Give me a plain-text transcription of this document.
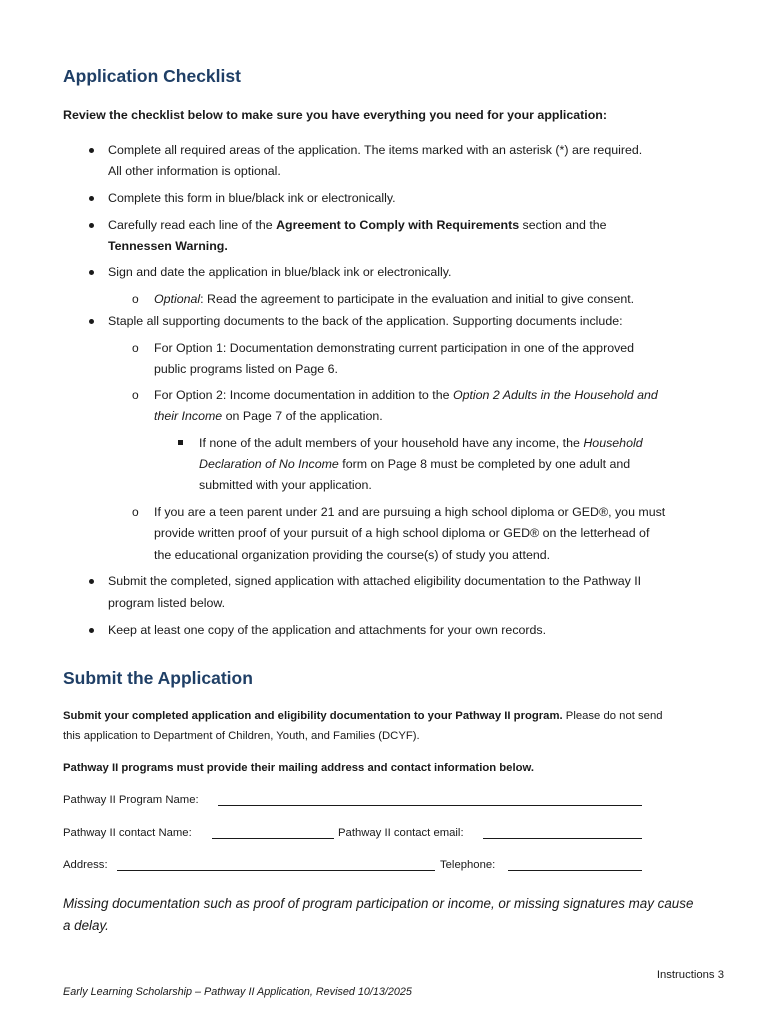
Application Checklist
Review the checklist below to make sure you have everything you need for your application:
Complete all required areas of the application. The items marked with an asterisk (*) are required.
All other information is optional.
Complete this form in blue/black ink or electronically.
Carefully read each line of the Agreement to Comply with Requirements section and the
Tennessen Warning.
Sign and date the application in blue/black ink or electronically.
o Optional: Read the agreement to participate in the evaluation and initial to give consent.
Staple all supporting documents to the back of the application. Supporting documents include:
o For Option 1: Documentation demonstrating current participation in one of the approved
public programs listed on Page 6.
o For Option 2: Income documentation in addition to the Option 2 Adults in the Household and
their Income on Page 7 of the application.
If none of the adult members of your household have any income, the Household
Declaration of No Income form on Page 8 must be completed by one adult and
submitted with your application.
o If you are a teen parent under 21 and are pursuing a high school diploma or GED®, you must
provide written proof of your pursuit of a high school diploma or GED® on the letterhead of
the educational organization providing the course(s) of study you attend.
Submit the completed, signed application with attached eligibility documentation to the Pathway II
program listed below.
Keep at least one copy of the application and attachments for your own records.
Submit the Application
Submit your completed application and eligibility documentation to your Pathway II program. Please do not send
this application to Department of Children, Youth, and Families (DCYF).
Pathway II programs must provide their mailing address and contact information below.
Pathway II Program Name:
Pathway II contact Name:	Pathway II contact email:
Address:	Telephone:
Missing documentation such as proof of program participation or income, or missing signatures may cause
a delay.
Instructions 3
Early Learning Scholarship – Pathway II Application, Revised 10/13/2025
